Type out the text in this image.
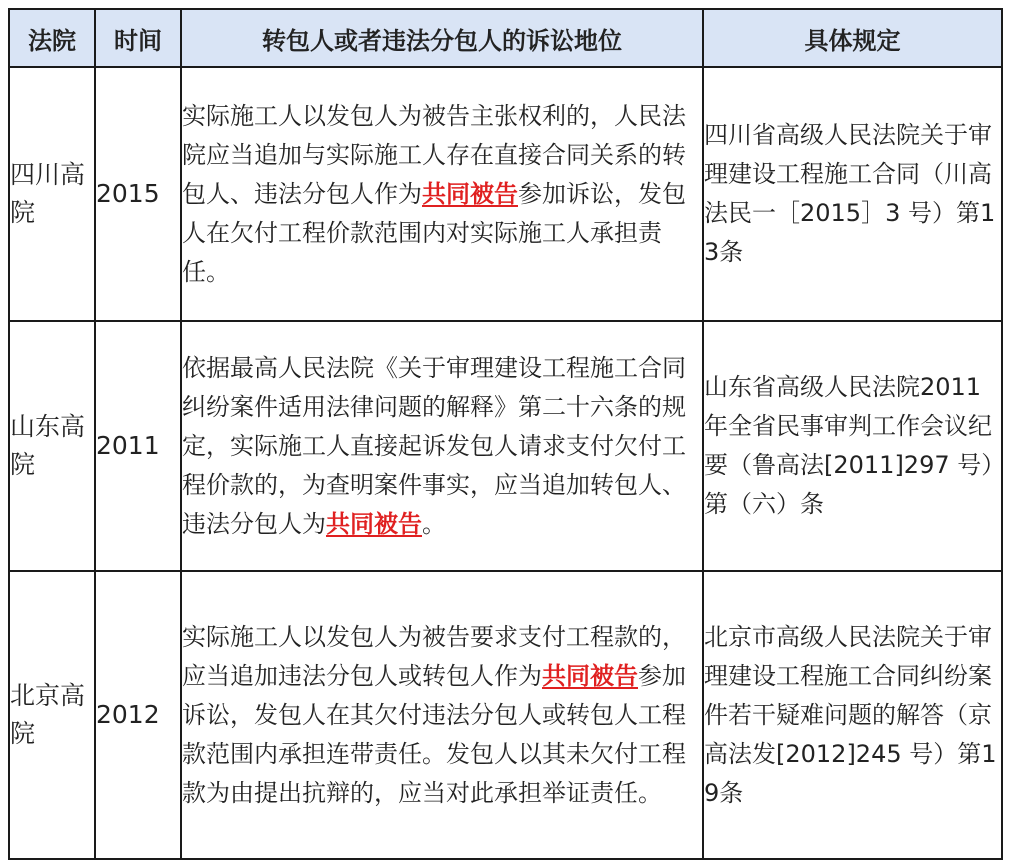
法院	时间	转包人或者违法分包人的诉讼地位	具体规定
四川高院	2015	实际施工人以发包人为被告主张权利的，人民法院应当追加与实际施工人存在直接合同关系的转包人、违法分包人作为共同被告参加诉讼，发包人在欠付工程价款范围内对实际施工人承担责任。	四川省高级人民法院关于审理建设工程施工合同（川高法民一［2015］3 号）第13条
山东高院	2011	依据最高人民法院《关于审理建设工程施工合同纠纷案件适用法律问题的解释》第二十六条的规定，实际施工人直接起诉发包人请求支付欠付工程价款的，为查明案件事实，应当追加转包人、违法分包人为共同被告。	山东省高级人民法院2011 年全省民事审判工作会议纪要（鲁高法[2011]297 号）第（六）条
北京高院	2012	实际施工人以发包人为被告要求支付工程款的，应当追加违法分包人或转包人作为共同被告参加诉讼，发包人在其欠付违法分包人或转包人工程款范围内承担连带责任。发包人以其未欠付工程款为由提出抗辩的，应当对此承担举证责任。	北京市高级人民法院关于审理建设工程施工合同纠纷案件若干疑难问题的解答（京高法发[2012]245 号）第19条
